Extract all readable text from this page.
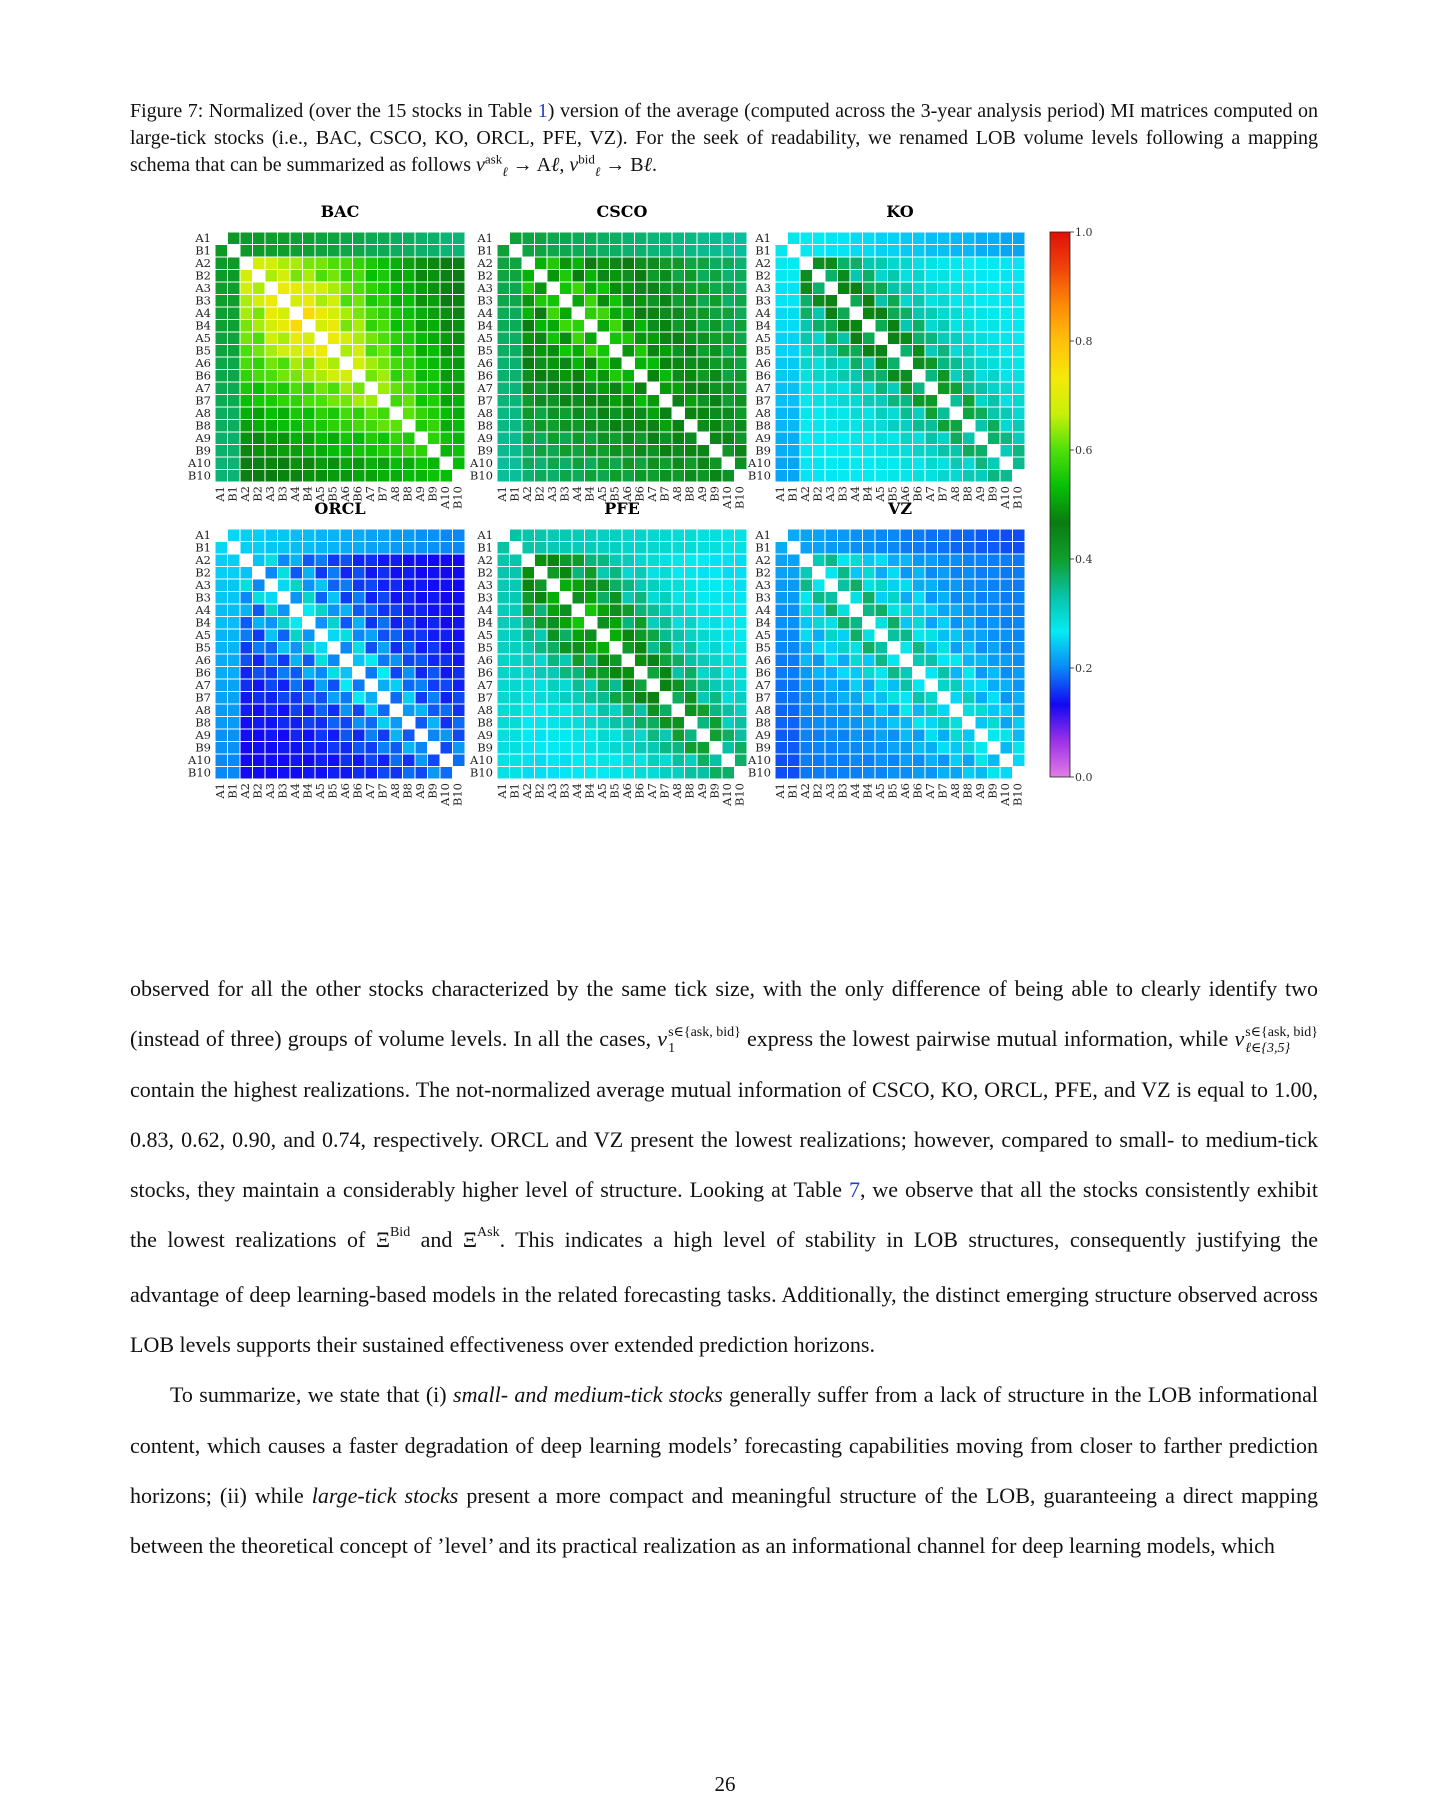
Figure 7: Normalized (over the 15 stocks in Table 1) version of the average (computed across the 3-year analysis period) MI matrices computed on large-tick stocks (i.e., BAC, CSCO, KO, ORCL, PFE, VZ). For the seek of readability, we renamed LOB volume levels following a mapping schema that can be summarized as follows $v^{ask}_\ell$ → Aℓ, $v^{bid}_\ell$ → Bℓ.
BAC
A1
A1
B1
B1
A2
A2
B2
B2
A3
A3
B3
B3
A4
A4
B4
B4
A5
A5
B5
B5
A6
A6
B6
B6
A7
A7
B7
B7
A8
A8
B8
B8
A9
A9
B9
B9
A10
A10
B10
B10
CSCO
A1
A1
B1
B1
A2
A2
B2
B2
A3
A3
B3
B3
A4
A4
B4
B4
A5
A5
B5
B5
A6
A6
B6
B6
A7
A7
B7
B7
A8
A8
B8
B8
A9
A9
B9
B9
A10
A10
B10
B10
KO
A1
A1
B1
B1
A2
A2
B2
B2
A3
A3
B3
B3
A4
A4
B4
B4
A5
A5
B5
B5
A6
A6
B6
B6
A7
A7
B7
B7
A8
A8
B8
B8
A9
A9
B9
B9
A10
A10
B10
B10
ORCL
A1
A1
B1
B1
A2
A2
B2
B2
A3
A3
B3
B3
A4
A4
B4
B4
A5
A5
B5
B5
A6
A6
B6
B6
A7
A7
B7
B7
A8
A8
B8
B8
A9
A9
B9
B9
A10
A10
B10
B10
PFE
A1
A1
B1
B1
A2
A2
B2
B2
A3
A3
B3
B3
A4
A4
B4
B4
A5
A5
B5
B5
A6
A6
B6
B6
A7
A7
B7
B7
A8
A8
B8
B8
A9
A9
B9
B9
A10
A10
B10
B10
VZ
A1
A1
B1
B1
A2
A2
B2
B2
A3
A3
B3
B3
A4
A4
B4
B4
A5
A5
B5
B5
A6
A6
B6
B6
A7
A7
B7
B7
A8
A8
B8
B8
A9
A9
B9
B9
A10
A10
B10
B10
1.0
0.8
0.6
0.4
0.2
0.0

observed for all the other stocks characterized by the same tick size, with the only difference of being able to clearly identify two (instead of three) groups of volume levels. In all the cases, v s∈{ask, bid}
1	express the lowest pairwise mutual information, while v s∈{ask, bid}
ℓ∈{3,5}
contain the highest realizations. The not-normalized average mutual information of CSCO, KO, ORCL, PFE, and VZ is equal to 1.00, 0.83, 0.62, 0.90, and 0.74, respectively. ORCL and VZ present the lowest realizations; however, compared to small- to medium-tick stocks, they maintain a considerably higher level of structure. Looking at Table 7, we observe that all the stocks consistently exhibit the lowest realizations of $\Xi^{Bid}$ and $\Xi^{Ask}$. This indicates a high level of stability in LOB structures, consequently justifying the advantage of deep learning-based models in the related forecasting tasks. Additionally, the distinct emerging structure observed across LOB levels supports their sustained effectiveness over extended prediction horizons.

To summarize, we state that (i) small- and medium-tick stocks generally suffer from a lack of structure in the LOB informational content, which causes a faster degradation of deep learning models’ forecasting capabilities moving from closer to farther prediction horizons; (ii) while large-tick stocks present a more compact and meaningful structure of the LOB, guaranteeing a direct mapping between the theoretical concept of ’level’ and its practical realization as an informational channel for deep learning models, which

26
